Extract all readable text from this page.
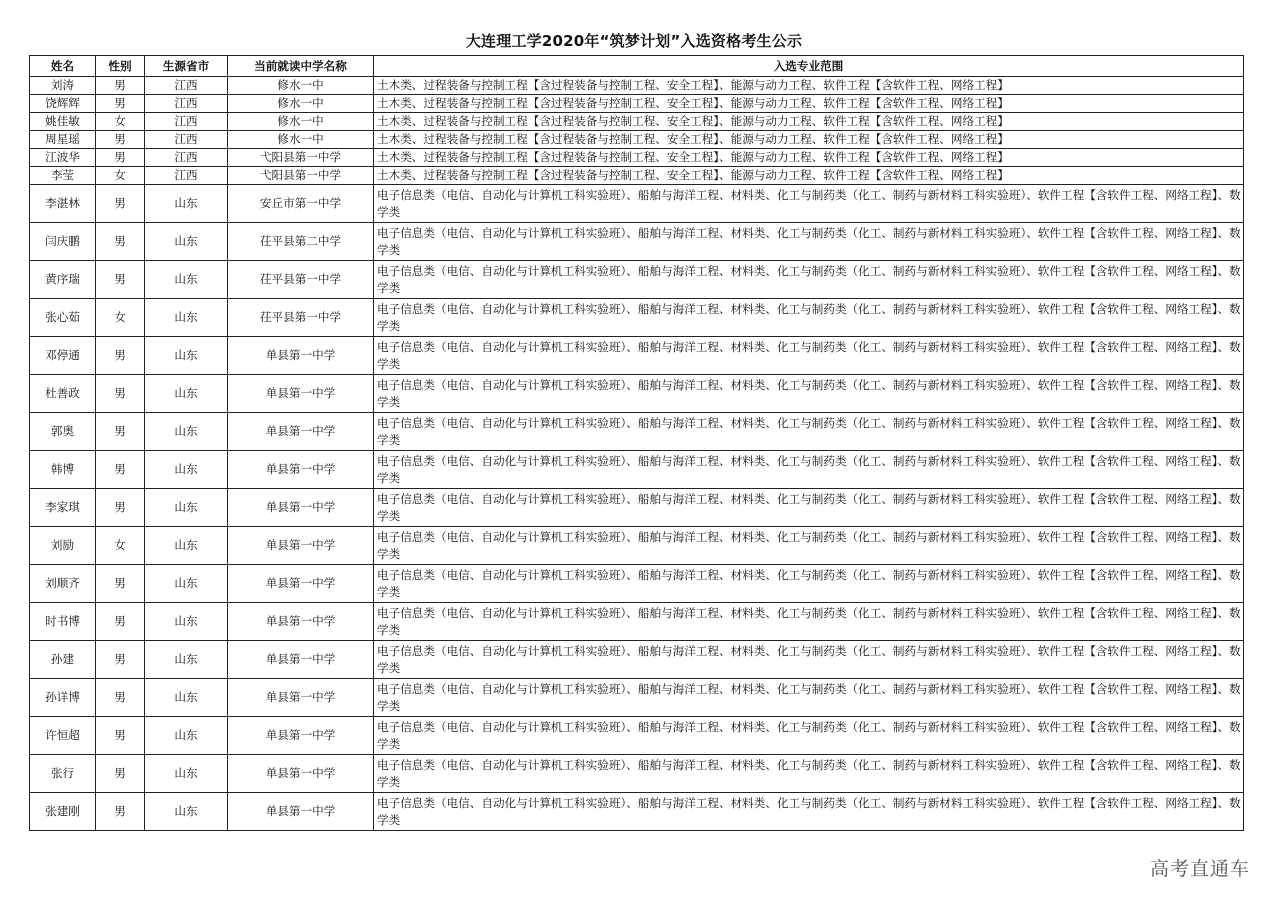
大连理工学2020年“筑梦计划”入选资格考生公示
姓名	性别	生源省市	当前就读中学名称	入选专业范围
刘涛	男	江西	修水一中	土木类、过程装备与控制工程【含过程装备与控制工程、安全工程】、能源与动力工程、软件工程【含软件工程、网络工程】
饶辉辉	男	江西	修水一中	土木类、过程装备与控制工程【含过程装备与控制工程、安全工程】、能源与动力工程、软件工程【含软件工程、网络工程】
姚佳敏	女	江西	修水一中	土木类、过程装备与控制工程【含过程装备与控制工程、安全工程】、能源与动力工程、软件工程【含软件工程、网络工程】
周星瑶	男	江西	修水一中	土木类、过程装备与控制工程【含过程装备与控制工程、安全工程】、能源与动力工程、软件工程【含软件工程、网络工程】
江波华	男	江西	弋阳县第一中学	土木类、过程装备与控制工程【含过程装备与控制工程、安全工程】、能源与动力工程、软件工程【含软件工程、网络工程】
李莹	女	江西	弋阳县第一中学	土木类、过程装备与控制工程【含过程装备与控制工程、安全工程】、能源与动力工程、软件工程【含软件工程、网络工程】
李湛林	男	山东	安丘市第一中学	电子信息类（电信、自动化与计算机工科实验班）、船舶与海洋工程、材料类、化工与制药类（化工、制药与新材料工科实验班）、软件工程【含软件工程、网络工程】、数学类
闫庆鹏	男	山东	茌平县第二中学	电子信息类（电信、自动化与计算机工科实验班）、船舶与海洋工程、材料类、化工与制药类（化工、制药与新材料工科实验班）、软件工程【含软件工程、网络工程】、数学类
黄序瑞	男	山东	茌平县第一中学	电子信息类（电信、自动化与计算机工科实验班）、船舶与海洋工程、材料类、化工与制药类（化工、制药与新材料工科实验班）、软件工程【含软件工程、网络工程】、数学类
张心茹	女	山东	茌平县第一中学	电子信息类（电信、自动化与计算机工科实验班）、船舶与海洋工程、材料类、化工与制药类（化工、制药与新材料工科实验班）、软件工程【含软件工程、网络工程】、数学类
邓停通	男	山东	单县第一中学	电子信息类（电信、自动化与计算机工科实验班）、船舶与海洋工程、材料类、化工与制药类（化工、制药与新材料工科实验班）、软件工程【含软件工程、网络工程】、数学类
杜善政	男	山东	单县第一中学	电子信息类（电信、自动化与计算机工科实验班）、船舶与海洋工程、材料类、化工与制药类（化工、制药与新材料工科实验班）、软件工程【含软件工程、网络工程】、数学类
郭奥	男	山东	单县第一中学	电子信息类（电信、自动化与计算机工科实验班）、船舶与海洋工程、材料类、化工与制药类（化工、制药与新材料工科实验班）、软件工程【含软件工程、网络工程】、数学类
韩博	男	山东	单县第一中学	电子信息类（电信、自动化与计算机工科实验班）、船舶与海洋工程、材料类、化工与制药类（化工、制药与新材料工科实验班）、软件工程【含软件工程、网络工程】、数学类
李家琪	男	山东	单县第一中学	电子信息类（电信、自动化与计算机工科实验班）、船舶与海洋工程、材料类、化工与制药类（化工、制药与新材料工科实验班）、软件工程【含软件工程、网络工程】、数学类
刘励	女	山东	单县第一中学	电子信息类（电信、自动化与计算机工科实验班）、船舶与海洋工程、材料类、化工与制药类（化工、制药与新材料工科实验班）、软件工程【含软件工程、网络工程】、数学类
刘顺齐	男	山东	单县第一中学	电子信息类（电信、自动化与计算机工科实验班）、船舶与海洋工程、材料类、化工与制药类（化工、制药与新材料工科实验班）、软件工程【含软件工程、网络工程】、数学类
时书博	男	山东	单县第一中学	电子信息类（电信、自动化与计算机工科实验班）、船舶与海洋工程、材料类、化工与制药类（化工、制药与新材料工科实验班）、软件工程【含软件工程、网络工程】、数学类
孙建	男	山东	单县第一中学	电子信息类（电信、自动化与计算机工科实验班）、船舶与海洋工程、材料类、化工与制药类（化工、制药与新材料工科实验班）、软件工程【含软件工程、网络工程】、数学类
孙详博	男	山东	单县第一中学	电子信息类（电信、自动化与计算机工科实验班）、船舶与海洋工程、材料类、化工与制药类（化工、制药与新材料工科实验班）、软件工程【含软件工程、网络工程】、数学类
许恒超	男	山东	单县第一中学	电子信息类（电信、自动化与计算机工科实验班）、船舶与海洋工程、材料类、化工与制药类（化工、制药与新材料工科实验班）、软件工程【含软件工程、网络工程】、数学类
张行	男	山东	单县第一中学	电子信息类（电信、自动化与计算机工科实验班）、船舶与海洋工程、材料类、化工与制药类（化工、制药与新材料工科实验班）、软件工程【含软件工程、网络工程】、数学类
张建刚	男	山东	单县第一中学	电子信息类（电信、自动化与计算机工科实验班）、船舶与海洋工程、材料类、化工与制药类（化工、制药与新材料工科实验班）、软件工程【含软件工程、网络工程】、数学类
高考直通车
